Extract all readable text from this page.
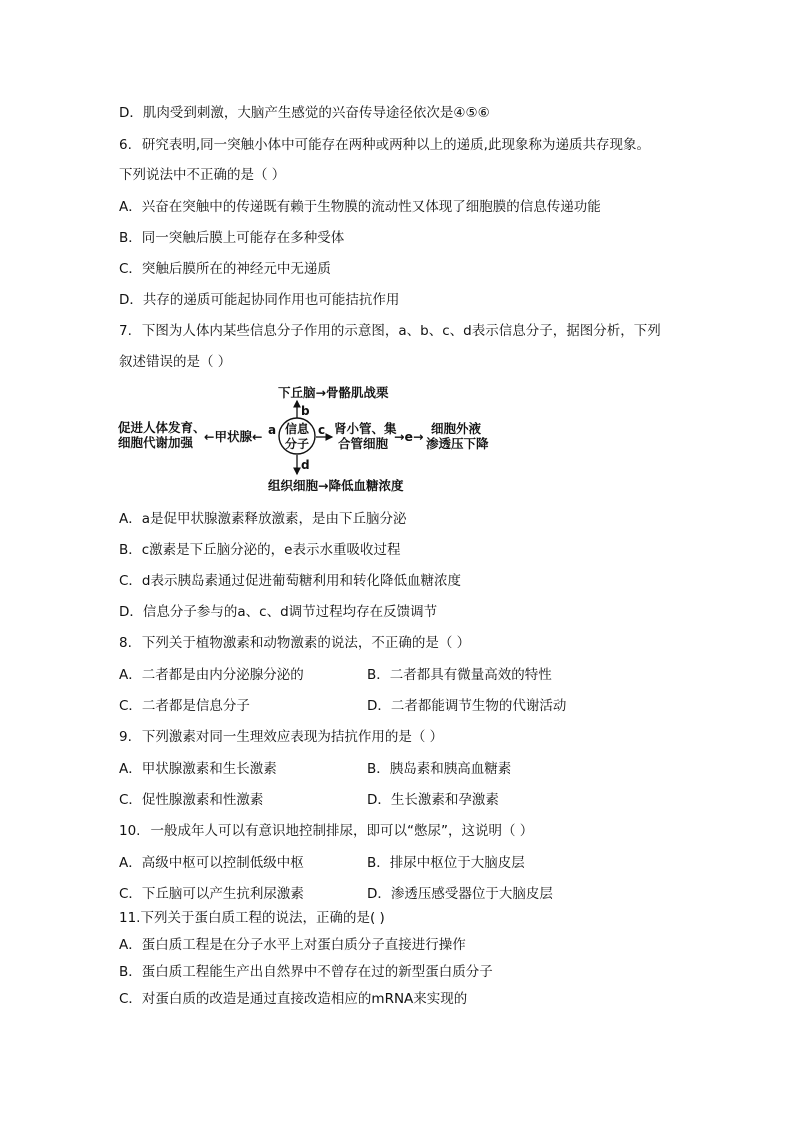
D．肌肉受到刺激，大脑产生感觉的兴奋传导途径依次是④⑤⑥
6. 研究表明,同一突触小体中可能存在两种或两种以上的递质,此现象称为递质共存现象。
下列说法中不正确的是（ ）
A．兴奋在突触中的传递既有赖于生物膜的流动性又体现了细胞膜的信息传递功能
B．同一突触后膜上可能存在多种受体
C．突触后膜所在的神经元中无递质
D．共存的递质可能起协同作用也可能拮抗作用
7. 下图为人体内某些信息分子作用的示意图，a、b、c、d表示信息分子，据图分析，下列
叙述错误的是（ ）
下丘脑→骨骼肌战栗
b
信息
分子
促进人体发育、
细胞代谢加强 ←甲状腺← a	c 肾小管、集
合管细胞 →e→
细胞外液
渗透压下降
d
组织细胞→降低血糖浓度
A．a是促甲状腺激素释放激素，是由下丘脑分泌
B．c激素是下丘脑分泌的，e表示水重吸收过程
C．d表示胰岛素通过促进葡萄糖利用和转化降低血糖浓度
D．信息分子参与的a、c、d调节过程均存在反馈调节
8. 下列关于植物激素和动物激素的说法，不正确的是（ ）
A．二者都是由内分泌腺分泌的	B．二者都具有微量高效的特性
C．二者都是信息分子	D．二者都能调节生物的代谢活动
9. 下列激素对同一生理效应表现为拮抗作用的是（ ）
A．甲状腺激素和生长激素	B．胰岛素和胰高血糖素
C．促性腺激素和性激素	D．生长激素和孕激素
10. 一般成年人可以有意识地控制排尿，即可以“憋尿”，这说明（ ）
A．高级中枢可以控制低级中枢	B．排尿中枢位于大脑皮层
C．下丘脑可以产生抗利尿激素	D．渗透压感受器位于大脑皮层
11.下列关于蛋白质工程的说法，正确的是( )
A．蛋白质工程是在分子水平上对蛋白质分子直接进行操作
B．蛋白质工程能生产出自然界中不曾存在过的新型蛋白质分子
C．对蛋白质的改造是通过直接改造相应的mRNA来实现的
